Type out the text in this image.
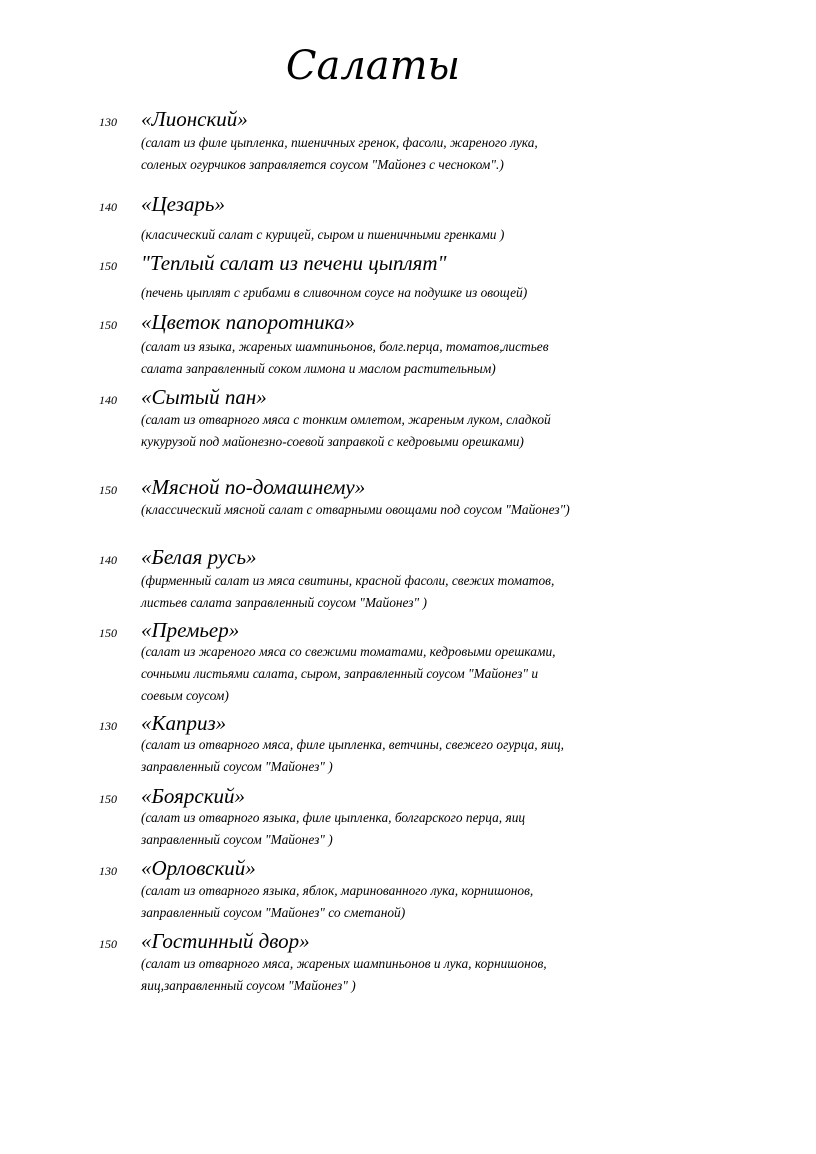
Салаты
130 «Лионский»
(салат из филе цыпленка, пшеничных гренок, фасоли, жареного лука,
соленых огурчиков заправляется соусом "Майонез с чесноком".)
140 «Цезарь»
(класический салат с курицей, сыром и пшеничными гренками )
150 "Теплый салат из печени цыплят"
(печень цыплят с грибами в сливочном соусе на подушке из овощей)
150 «Цветок папоротника»
(салат из языка, жареных шампиньонов, болг.перца, томатов,листьев
салата заправленный соком лимона и маслом растительным)
140 «Сытый пан»
(салат из отварного мяса с тонким омлетом, жареным луком, сладкой
кукурузой под майонезно-соевой заправкой с кедровыми орешками)
150 «Мясной по-домашнему»
(классический мясной салат с отварными овощами под соусом "Майонез")
140 «Белая русь»
(фирменный салат из мяса свитины, красной фасоли, свежих томатов,
листьев салата заправленный соусом "Майонез" )
150 «Премьер»
(салат из жареного мяса со свежими томатами, кедровыми орешками,
сочными листьями салата, сыром, заправленный соусом "Майонез" и
соевым соусом)
130 «Каприз»
(салат из отварного мяса, филе цыпленка, ветчины, свежего огурца, яиц,
заправленный соусом "Майонез" )
150 «Боярский»
(салат из отварного языка, филе цыпленка, болгарского перца, яиц
заправленный соусом "Майонез" )
130 «Орловский»
(салат из отварного языка, яблок, маринованного лука, корнишонов,
заправленный соусом "Майонез" со сметаной)
150 «Гостинный двор»
(салат из отварного мяса, жареных шампиньонов и лука, корнишонов,
яиц,заправленный соусом "Майонез" )
